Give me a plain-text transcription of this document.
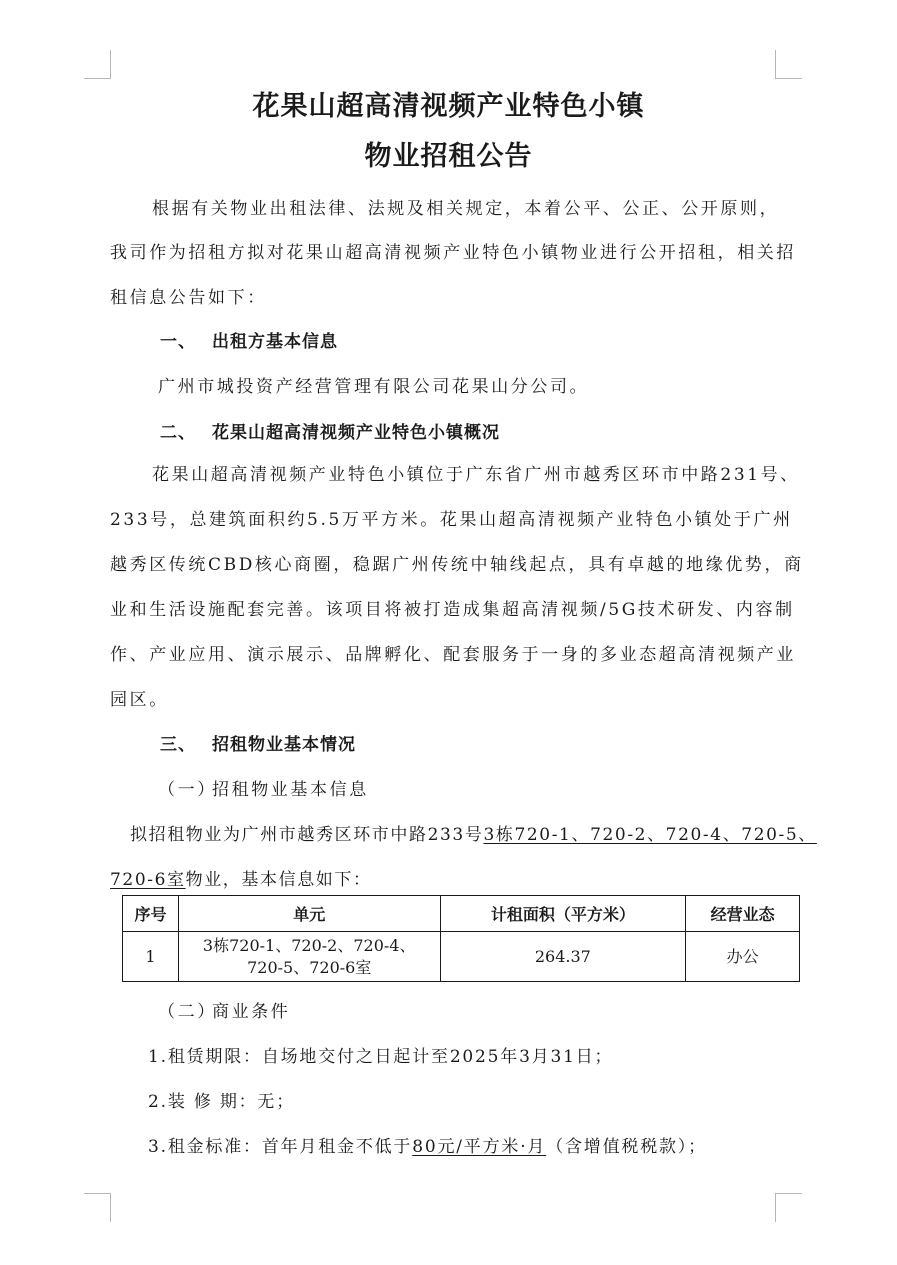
花果山超高清视频产业特色小镇
物业招租公告
根据有关物业出租法律、法规及相关规定，本着公平、公正、公开原则，
我司作为招租方拟对花果山超高清视频产业特色小镇物业进行公开招租，相关招
租信息公告如下：
一、 出租方基本信息
广州市城投资产经营管理有限公司花果山分公司。
二、 花果山超高清视频产业特色小镇概况
花果山超高清视频产业特色小镇位于广东省广州市越秀区环市中路231号、
233号，总建筑面积约5.5万平方米。花果山超高清视频产业特色小镇处于广州
越秀区传统CBD核心商圈，稳踞广州传统中轴线起点，具有卓越的地缘优势，商
业和生活设施配套完善。该项目将被打造成集超高清视频/5G技术研发、内容制
作、产业应用、演示展示、品牌孵化、配套服务于一身的多业态超高清视频产业
园区。
三、 招租物业基本情况
（一）招租物业基本信息
拟招租物业为广州市越秀区环市中路233号3栋720-1、720-2、720-4、720-5、
720-6室物业，基本信息如下：
序号	单元	计租面积（平方米）	经营业态
1	3栋720-1、720-2、720-4、
720-5、720-6室	264.37	办公
（二）商业条件
1.租赁期限：自场地交付之日起计至2025年3月31日；
2.装 修 期：无；
3.租金标准：首年月租金不低于80元/平方米·月（含增值税税款）；
